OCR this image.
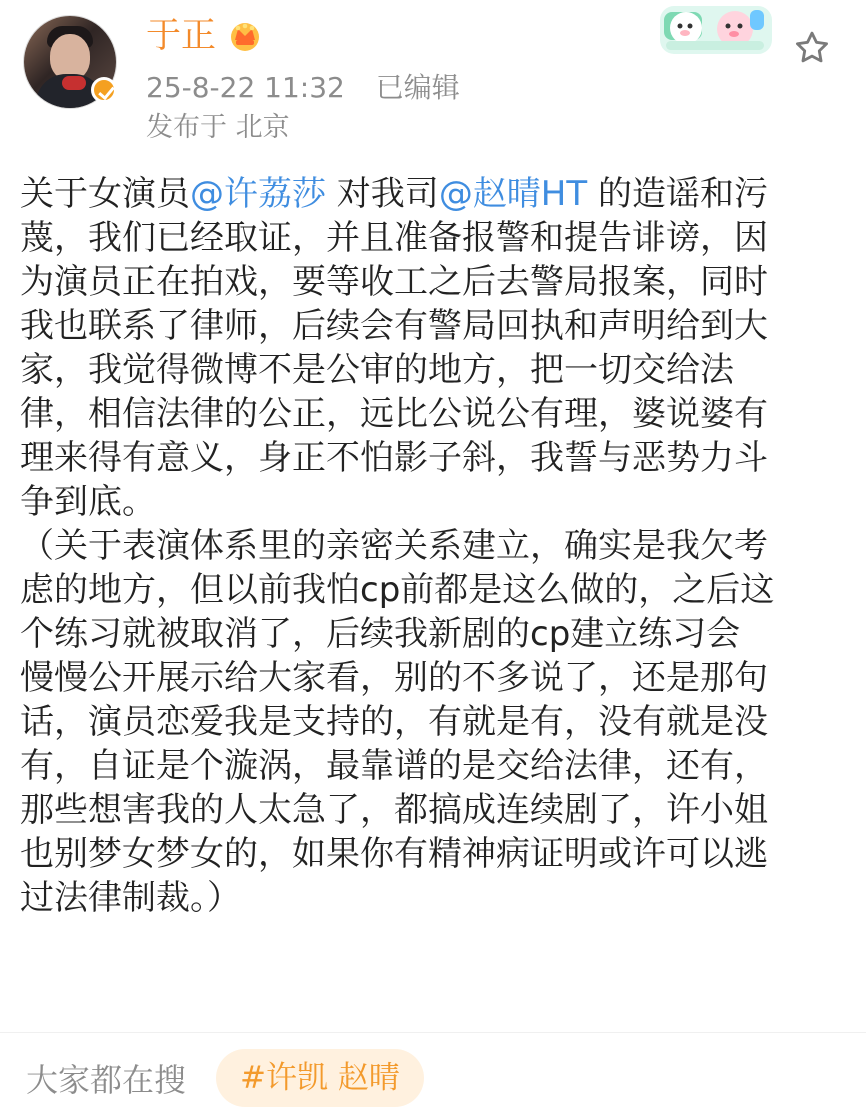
于正
25-8-22 11:32 已编辑
发布于 北京

关于女演员@许荔莎 对我司@赵晴HT 的造谣和污
蔑，我们已经取证，并且准备报警和提告诽谤，因
为演员正在拍戏，要等收工之后去警局报案，同时
我也联系了律师，后续会有警局回执和声明给到大
家，我觉得微博不是公审的地方，把一切交给法
律，相信法律的公正，远比公说公有理，婆说婆有
理来得有意义，身正不怕影子斜，我誓与恶势力斗
争到底。

（关于表演体系里的亲密关系建立，确实是我欠考
虑的地方，但以前我怕cp前都是这么做的，之后这
个练习就被取消了，后续我新剧的cp建立练习会
慢慢公开展示给大家看，别的不多说了，还是那句
话，演员恋爱我是支持的，有就是有，没有就是没
有，自证是个漩涡，最靠谱的是交给法律，还有，
那些想害我的人太急了，都搞成连续剧了，许小姐
也别梦女梦女的，如果你有精神病证明或许可以逃
过法律制裁。）

大家都在搜 #许凯 赵晴
